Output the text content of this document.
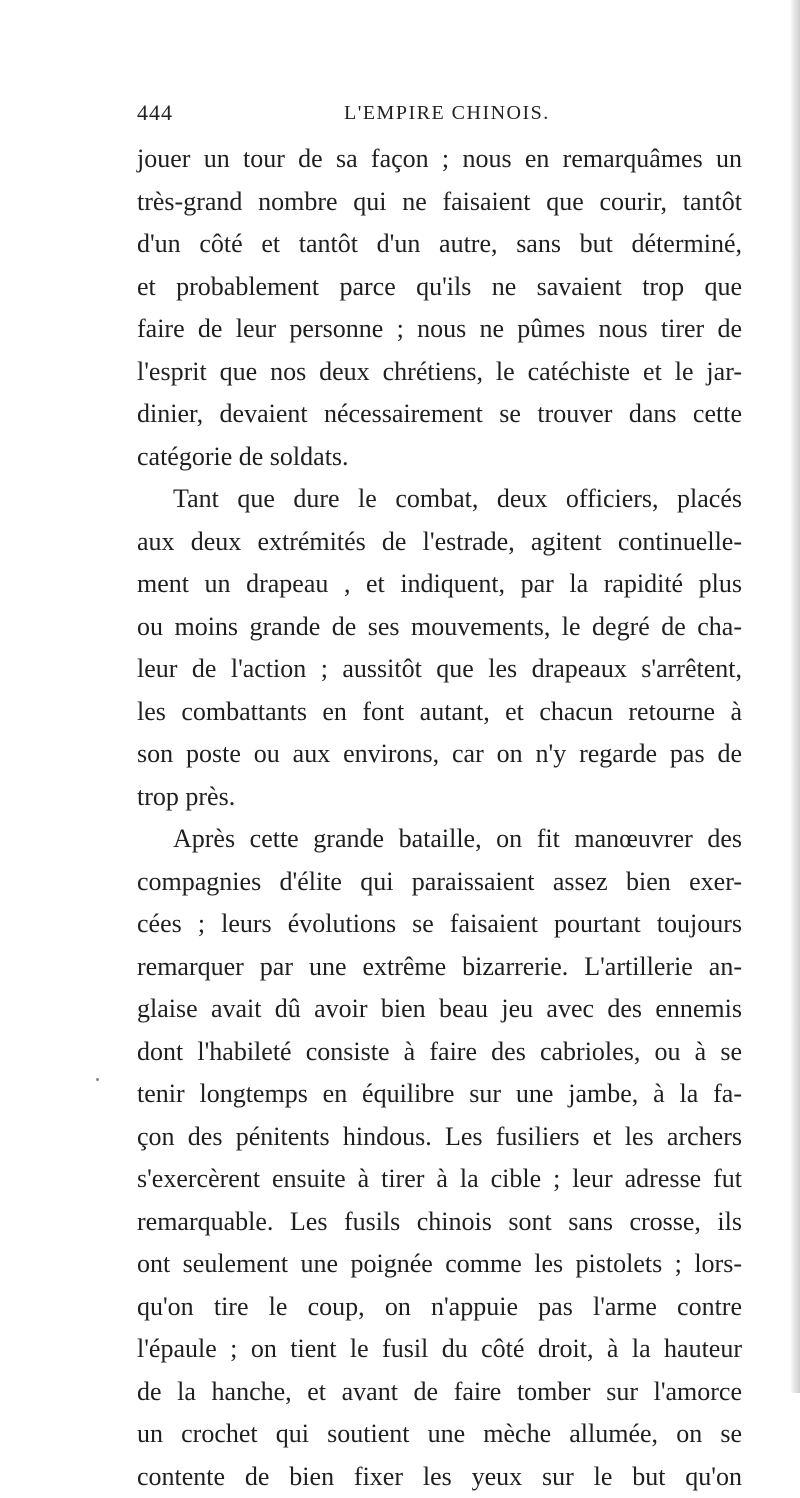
444	L'EMPIRE CHINOIS.
jouer un tour de sa façon ; nous en remarquâmes un
très-grand nombre qui ne faisaient que courir, tantôt
d'un côté et tantôt d'un autre, sans but déterminé,
et probablement parce qu'ils ne savaient trop que
faire de leur personne ; nous ne pûmes nous tirer de
l'esprit que nos deux chrétiens, le catéchiste et le jar-
dinier, devaient nécessairement se trouver dans cette
catégorie de soldats.
Tant que dure le combat, deux officiers, placés
aux deux extrémités de l'estrade, agitent continuelle-
ment un drapeau , et indiquent, par la rapidité plus
ou moins grande de ses mouvements, le degré de cha-
leur de l'action ; aussitôt que les drapeaux s'arrêtent,
les combattants en font autant, et chacun retourne à
son poste ou aux environs, car on n'y regarde pas de
trop près.
Après cette grande bataille, on fit manœuvrer des
compagnies d'élite qui paraissaient assez bien exer-
cées ; leurs évolutions se faisaient pourtant toujours
remarquer par une extrême bizarrerie. L'artillerie an-
glaise avait dû avoir bien beau jeu avec des ennemis
dont l'habileté consiste à faire des cabrioles, ou à se
tenir longtemps en équilibre sur une jambe, à la fa-
çon des pénitents hindous. Les fusiliers et les archers
s'exercèrent ensuite à tirer à la cible ; leur adresse fut
remarquable. Les fusils chinois sont sans crosse, ils
ont seulement une poignée comme les pistolets ; lors-
qu'on tire le coup, on n'appuie pas l'arme contre
l'épaule ; on tient le fusil du côté droit, à la hauteur
de la hanche, et avant de faire tomber sur l'amorce
un crochet qui soutient une mèche allumée, on se
contente de bien fixer les yeux sur le but qu'on
